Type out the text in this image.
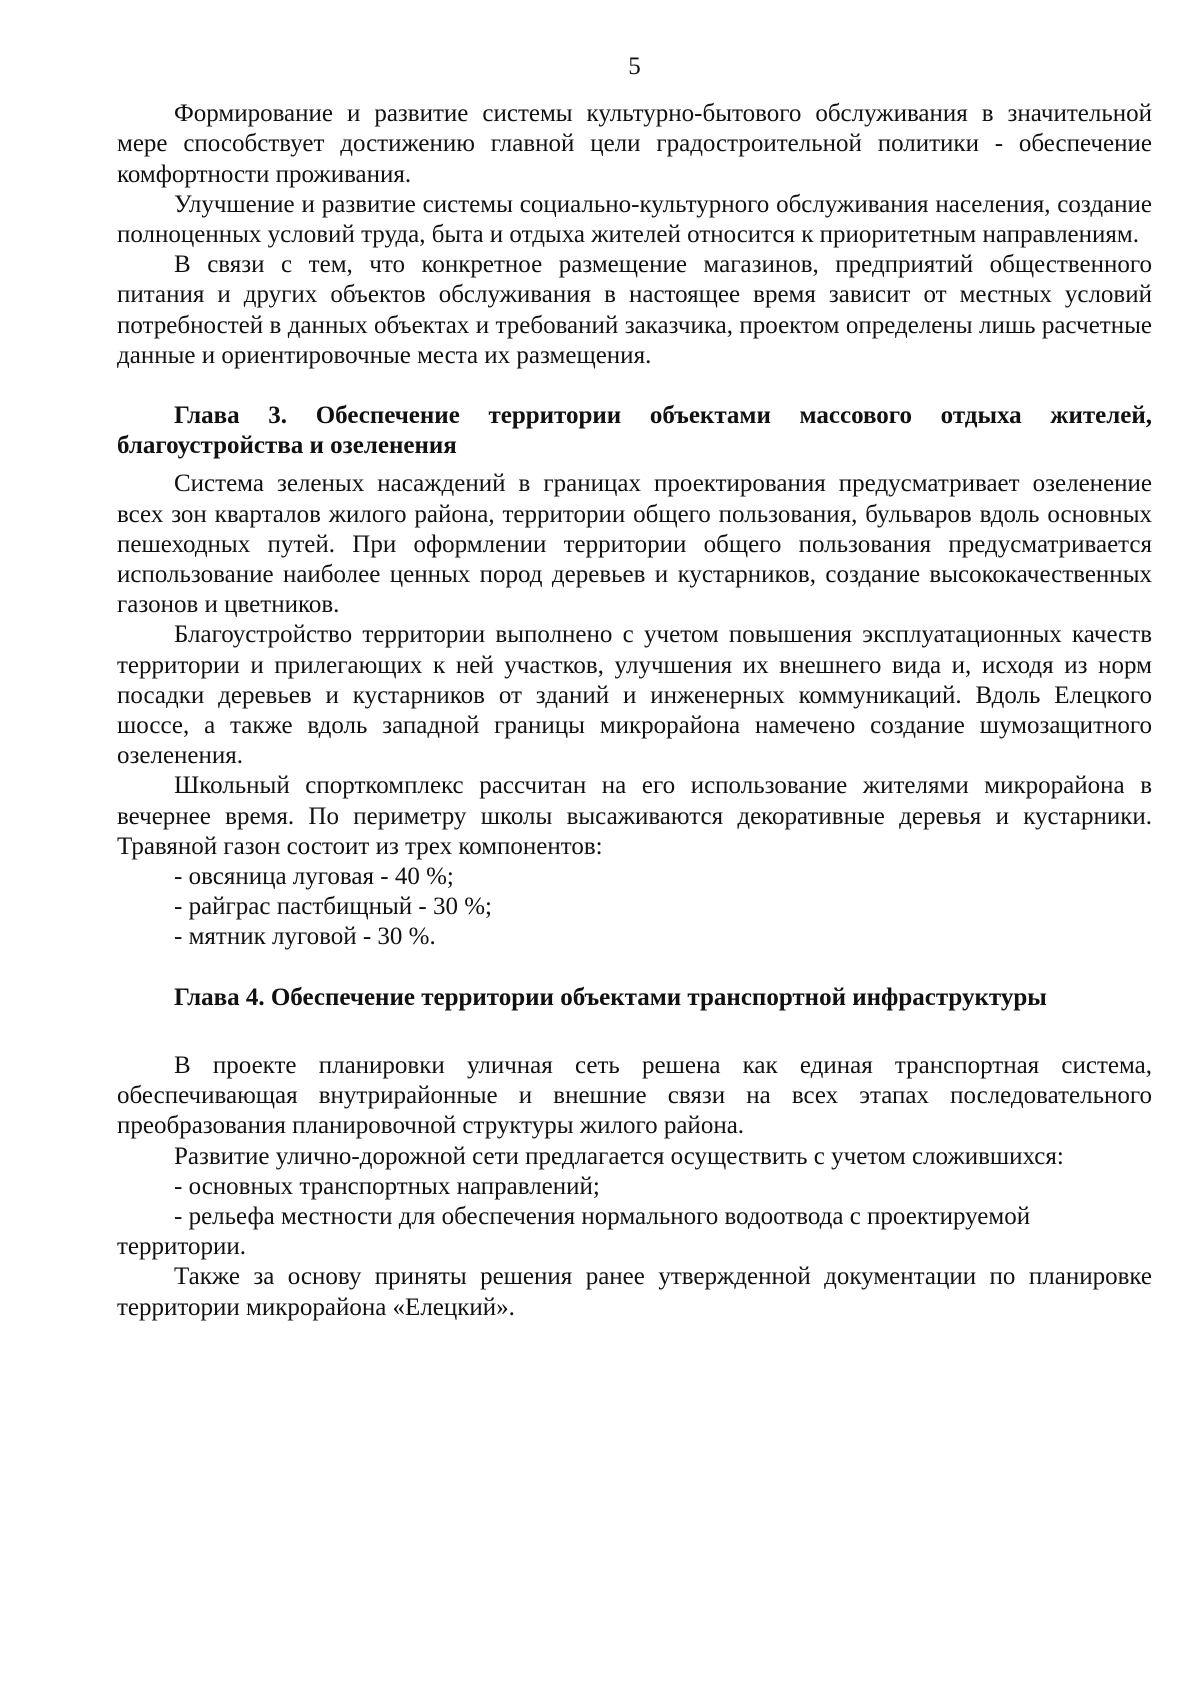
5

Формирование и развитие системы культурно-бытового обслуживания в значительной мере способствует достижению главной цели градостроительной политики - обеспечение комфортности проживания.

Улучшение и развитие системы социально-культурного обслуживания населения, создание полноценных условий труда, быта и отдыха жителей относится к приоритетным направлениям.

В связи с тем, что конкретное размещение магазинов, предприятий общественного питания и других объектов обслуживания в настоящее время зависит от местных условий потребностей в данных объектах и требований заказчика, проектом определены лишь расчетные данные и ориентировочные места их размещения.

Глава 3. Обеспечение территории объектами массового отдыха жителей, благоустройства и озеленения

Система зеленых насаждений в границах проектирования предусматривает озеленение всех зон кварталов жилого района, территории общего пользования, бульваров вдоль основных пешеходных путей. При оформлении территории общего пользования предусматривается использование наиболее ценных пород деревьев и кустарников, создание высококачественных газонов и цветников.

Благоустройство территории выполнено с учетом повышения эксплуатационных качеств территории и прилегающих к ней участков, улучшения их внешнего вида и, исходя из норм посадки деревьев и кустарников от зданий и инженерных коммуникаций. Вдоль Елецкого шоссе, а также вдоль западной границы микрорайона намечено создание шумозащитного озеленения.

Школьный спорткомплекс рассчитан на его использование жителями микрорайона в вечернее время. По периметру школы высаживаются декоративные деревья и кустарники. Травяной газон состоит из трех компонентов:

- овсяница луговая - 40 %;
- райграс пастбищный - 30 %;
- мятник луговой - 30 %.
Глава 4. Обеспечение территории объектами транспортной инфраструктуры

В проекте планировки уличная сеть решена как единая транспортная система, обеспечивающая внутрирайонные и внешние связи на всех этапах последовательного преобразования планировочной структуры жилого района.

Развитие улично-дорожной сети предлагается осуществить с учетом сложившихся:

- основных транспортных направлений;
- рельефа местности для обеспечения нормального водоотвода с проектируемой территории.

Также за основу приняты решения ранее утвержденной документации по планировке территории микрорайона «Елецкий».
